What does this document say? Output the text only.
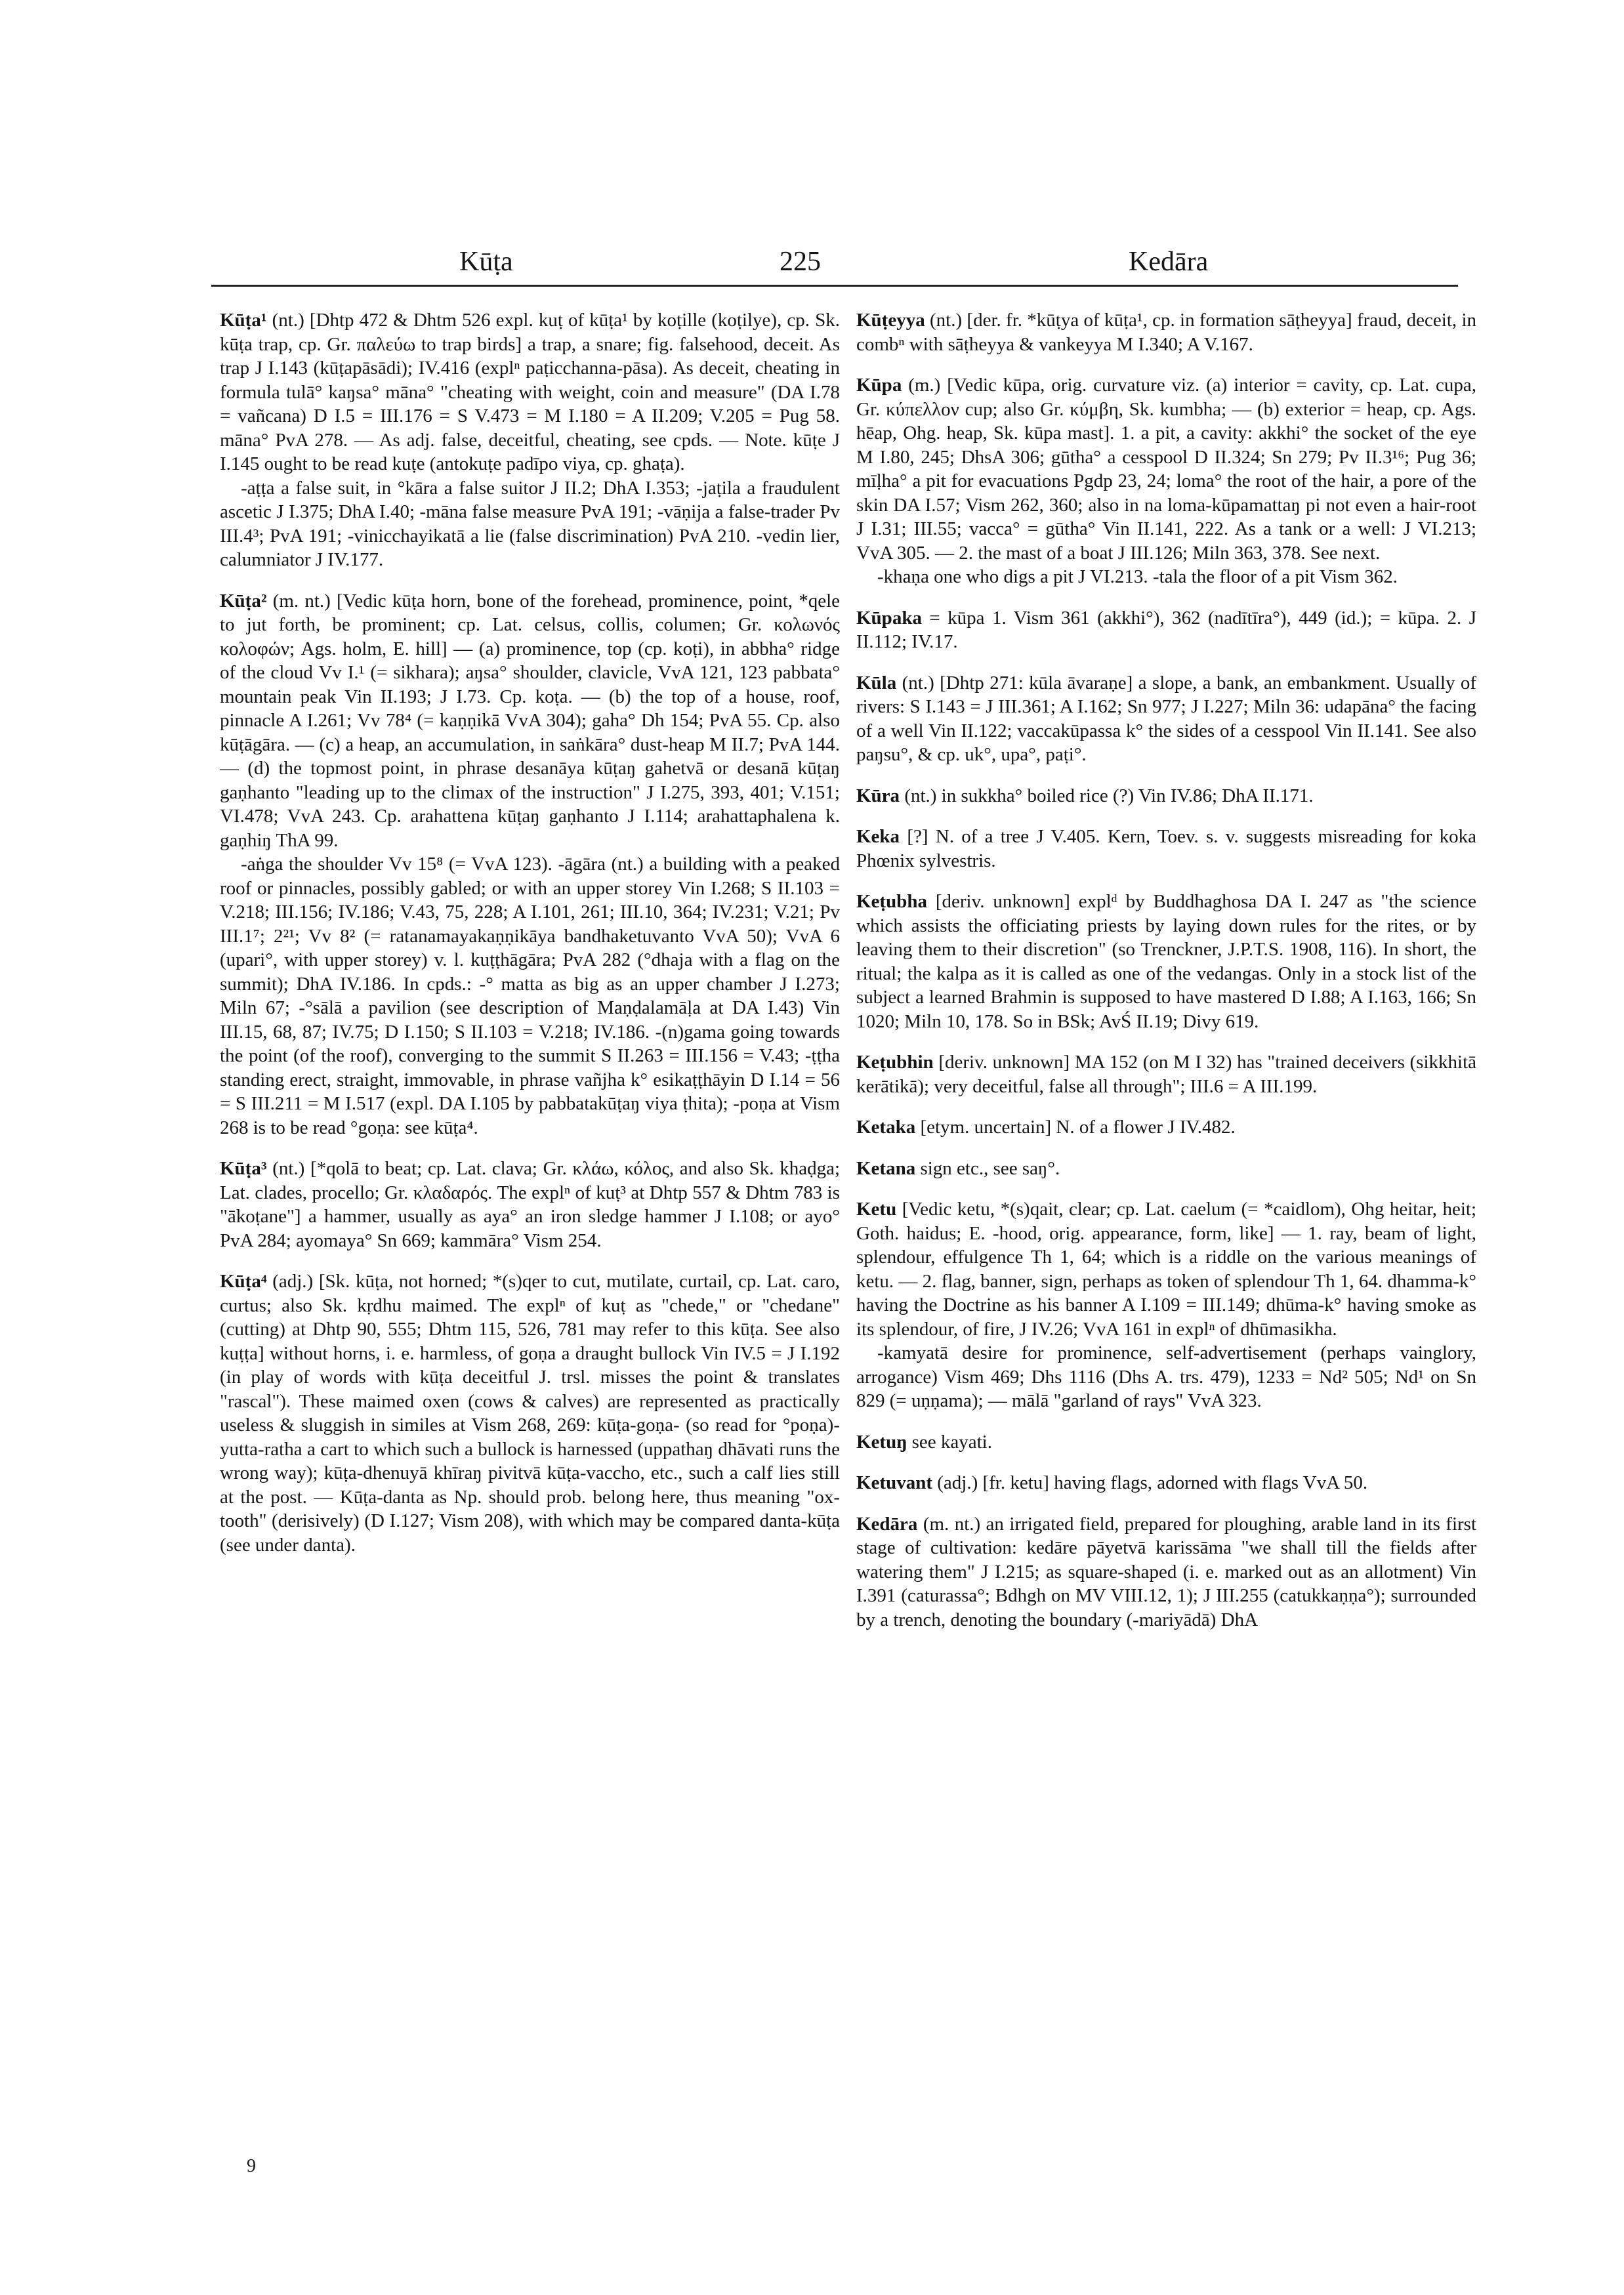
Kūṭa	225	Kedāra
Kūṭa¹ (nt.) [Dhtp 472 & Dhtm 526 expl. kuṭ of kūṭa¹ by koṭille (koṭilye), cp. Sk. kūṭa trap, cp. Gr. παλεύω to trap birds] a trap, a snare; fig. falsehood, deceit. As trap J I.143 (kūṭapāsādi); IV.416 (explⁿ paṭicchanna-pāsa). As deceit, cheating in formula tulā° kaŋsa° māna° "cheating with weight, coin and measure" (DA I.78 = vañcana) D I.5 = III.176 = S V.473 = M I.180 = A II.209; V.205 = Pug 58. māna° PvA 278. — As adj. false, deceitful, cheating, see cpds. — Note. kūṭe J I.145 ought to be read kuṭe (antokuṭe padīpo viya, cp. ghaṭa).
-aṭṭa a false suit, in °kāra a false suitor J II.2; DhA I.353; -jaṭila a fraudulent ascetic J I.375; DhA I.40; -māna false measure PvA 191; -vāṇija a false-trader Pv III.4³; PvA 191; -vinicchayikatā a lie (false discrimination) PvA 210. -vedin lier, calumniator J IV.177.
Kūṭa² (m. nt.) [Vedic kūṭa horn, bone of the forehead, prominence, point, *qele to jut forth, be prominent; cp. Lat. celsus, collis, columen; Gr. κολωνός κολοφών; Ags. holm, E. hill] — (a) prominence, top (cp. koṭi), in abbha° ridge of the cloud Vv I.¹ (= sikhara); aŋsa° shoulder, clavicle, VvA 121, 123 pabbata° mountain peak Vin II.193; J I.73. Cp. koṭa. — (b) the top of a house, roof, pinnacle A I.261; Vv 78⁴ (= kaṇṇikā VvA 304); gaha° Dh 154; PvA 55. Cp. also kūṭāgāra. — (c) a heap, an accumulation, in saṅkāra° dust-heap M II.7; PvA 144. — (d) the topmost point, in phrase desanāya kūṭaŋ gahetvā or desanā kūṭaŋ gaṇhanto "leading up to the climax of the instruction" J I.275, 393, 401; V.151; VI.478; VvA 243. Cp. arahattena kūṭaŋ gaṇhanto J I.114; arahattaphalena k. gaṇhiŋ ThA 99.
-aṅga the shoulder Vv 15⁸ (= VvA 123). -āgāra (nt.) a building with a peaked roof or pinnacles, possibly gabled; or with an upper storey Vin I.268; S II.103 = V.218; III.156; IV.186; V.43, 75, 228; A I.101, 261; III.10, 364; IV.231; V.21; Pv III.1⁷; 2²¹; Vv 8² (= ratanamayakaṇṇikāya bandhaketuvanto VvA 50); VvA 6 (upari°, with upper storey) v. l. kuṭṭhāgāra; PvA 282 (°dhaja with a flag on the summit); DhA IV.186. In cpds.: -° matta as big as an upper chamber J I.273; Miln 67; -°sālā a pavilion (see description of Maṇḍalamāḷa at DA I.43) Vin III.15, 68, 87; IV.75; D I.150; S II.103 = V.218; IV.186. -(n)gama going towards the point (of the roof), converging to the summit S II.263 = III.156 = V.43; -ṭṭha standing erect, straight, immovable, in phrase vañjha k° esikaṭṭhāyin D I.14 = 56 = S III.211 = M I.517 (expl. DA I.105 by pabbatakūṭaŋ viya ṭhita); -poṇa at Vism 268 is to be read °goṇa: see kūṭa⁴.
Kūṭa³ (nt.) [*qolā to beat; cp. Lat. clava; Gr. κλάω, κόλος, and also Sk. khaḍga; Lat. clades, procello; Gr. κλαδαρός. The explⁿ of kuṭ³ at Dhtp 557 & Dhtm 783 is "ākoṭane"] a hammer, usually as aya° an iron sledge hammer J I.108; or ayo° PvA 284; ayomaya° Sn 669; kammāra° Vism 254.
Kūṭa⁴ (adj.) [Sk. kūṭa, not horned; *(s)qer to cut, mutilate, curtail, cp. Lat. caro, curtus; also Sk. kṛdhu maimed. The explⁿ of kuṭ as "chede," or "chedane" (cutting) at Dhtp 90, 555; Dhtm 115, 526, 781 may refer to this kūṭa. See also kuṭṭa] without horns, i. e. harmless, of goṇa a draught bullock Vin IV.5 = J I.192 (in play of words with kūṭa deceitful J. trsl. misses the point & translates "rascal"). These maimed oxen (cows & calves) are represented as practically useless & sluggish in similes at Vism 268, 269: kūṭa-goṇa- (so read for °poṇa)-yutta-ratha a cart to which such a bullock is harnessed (uppathaŋ dhāvati runs the wrong way); kūṭa-dhenuyā khīraŋ pivitvā kūṭa-vaccho, etc., such a calf lies still at the post. — Kūṭa-danta as Np. should prob. belong here, thus meaning "ox-tooth" (derisively) (D I.127; Vism 208), with which may be compared danta-kūṭa (see under danta).
Kūṭeyya (nt.) [der. fr. *kūṭya of kūṭa¹, cp. in formation sāṭheyya] fraud, deceit, in combⁿ with sāṭheyya & vankeyya M I.340; A V.167.
Kūpa (m.) [Vedic kūpa, orig. curvature viz. (a) interior = cavity, cp. Lat. cupa, Gr. κύπελλον cup; also Gr. κύμβη, Sk. kumbha; — (b) exterior = heap, cp. Ags. hēap, Ohg. heap, Sk. kūpa mast]. 1. a pit, a cavity: akkhi° the socket of the eye M I.80, 245; DhsA 306; gūtha° a cesspool D II.324; Sn 279; Pv II.3¹⁶; Pug 36; mīḷha° a pit for evacuations Pgdp 23, 24; loma° the root of the hair, a pore of the skin DA I.57; Vism 262, 360; also in na loma-kūpamattaŋ pi not even a hair-root J I.31; III.55; vacca° = gūtha° Vin II.141, 222. As a tank or a well: J VI.213; VvA 305. — 2. the mast of a boat J III.126; Miln 363, 378. See next.
-khaṇa one who digs a pit J VI.213. -tala the floor of a pit Vism 362.
Kūpaka = kūpa 1. Vism 361 (akkhi°), 362 (nadītīra°), 449 (id.); = kūpa. 2. J II.112; IV.17.
Kūla (nt.) [Dhtp 271: kūla āvaraṇe] a slope, a bank, an embankment. Usually of rivers: S I.143 = J III.361; A I.162; Sn 977; J I.227; Miln 36: udapāna° the facing of a well Vin II.122; vaccakūpassa k° the sides of a cesspool Vin II.141. See also paŋsu°, & cp. uk°, upa°, paṭi°.
Kūra (nt.) in sukkha° boiled rice (?) Vin IV.86; DhA II.171.
Keka [?] N. of a tree J V.405. Kern, Toev. s. v. suggests misreading for koka Phœnix sylvestris.
Keṭubha [deriv. unknown] explᵈ by Buddhaghosa DA I. 247 as "the science which assists the officiating priests by laying down rules for the rites, or by leaving them to their discretion" (so Trenckner, J.P.T.S. 1908, 116). In short, the ritual; the kalpa as it is called as one of the vedangas. Only in a stock list of the subject a learned Brahmin is supposed to have mastered D I.88; A I.163, 166; Sn 1020; Miln 10, 178. So in BSk; AvŚ II.19; Divy 619.
Keṭubhin [deriv. unknown] MA 152 (on M I 32) has "trained deceivers (sikkhitā kerātikā); very deceitful, false all through"; III.6 = A III.199.
Ketaka [etym. uncertain] N. of a flower J IV.482.
Ketana sign etc., see saŋ°.
Ketu [Vedic ketu, *(s)qait, clear; cp. Lat. caelum (= *caidlom), Ohg heitar, heit; Goth. haidus; E. -hood, orig. appearance, form, like] — 1. ray, beam of light, splendour, effulgence Th 1, 64; which is a riddle on the various meanings of ketu. — 2. flag, banner, sign, perhaps as token of splendour Th 1, 64. dhamma-k° having the Doctrine as his banner A I.109 = III.149; dhūma-k° having smoke as its splendour, of fire, J IV.26; VvA 161 in explⁿ of dhūmasikha.
-kamyatā desire for prominence, self-advertisement (perhaps vainglory, arrogance) Vism 469; Dhs 1116 (Dhs A. trs. 479), 1233 = Nd² 505; Nd¹ on Sn 829 (= uṇṇama); — mālā "garland of rays" VvA 323.
Ketuŋ see kayati.
Ketuvant (adj.) [fr. ketu] having flags, adorned with flags VvA 50.
Kedāra (m. nt.) an irrigated field, prepared for ploughing, arable land in its first stage of cultivation: kedāre pāyetvā karissāma "we shall till the fields after watering them" J I.215; as square-shaped (i. e. marked out as an allotment) Vin I.391 (caturassa°; Bdhgh on MV VIII.12, 1); J III.255 (catukkaṇṇa°); surrounded by a trench, denoting the boundary (-mariyādā) DhA
9
